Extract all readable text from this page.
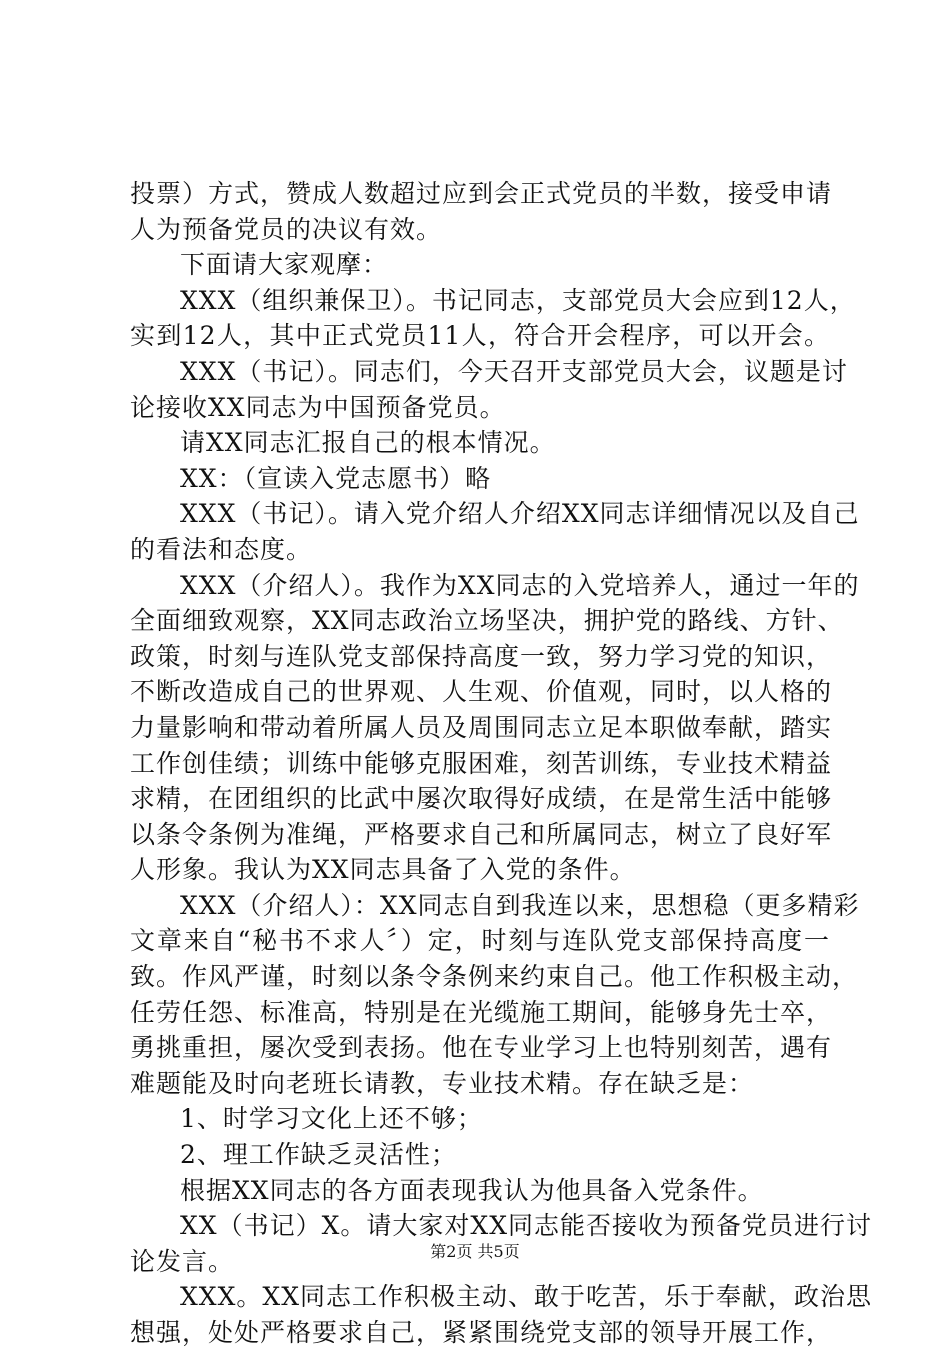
投票）方式，赞成人数超过应到会正式党员的半数，接受申请
人为预备党员的决议有效。
下面请大家观摩：
XXX（组织兼保卫）。书记同志，支部党员大会应到12人，
实到12人，其中正式党员11人，符合开会程序，可以开会。
XXX（书记）。同志们，今天召开支部党员大会，议题是讨
论接收XX同志为中国预备党员。
请XX同志汇报自己的根本情况。
XX：（宣读入党志愿书）略
XXX（书记）。请入党介绍人介绍XX同志详细情况以及自己
的看法和态度。
XXX（介绍人）。我作为XX同志的入党培养人，通过一年的
全面细致观察，XX同志政治立场坚决，拥护党的路线、方针、
政策，时刻与连队党支部保持高度一致，努力学习党的知识，
不断改造成自己的世界观、人生观、价值观，同时，以人格的
力量影响和带动着所属人员及周围同志立足本职做奉献，踏实
工作创佳绩；训练中能够克服困难，刻苦训练，专业技术精益
求精，在团组织的比武中屡次取得好成绩，在是常生活中能够
以条令条例为准绳，严格要求自己和所属同志，树立了良好军
人形象。我认为XX同志具备了入党的条件。
XXX（介绍人）：XX同志自到我连以来，思想稳（更多精彩
文章来自“秘书不求人〞）定，时刻与连队党支部保持高度一
致。作风严谨，时刻以条令条例来约束自己。他工作积极主动，
任劳任怨、标准高，特别是在光缆施工期间，能够身先士卒，
勇挑重担，屡次受到表扬。他在专业学习上也特别刻苦，遇有
难题能及时向老班长请教，专业技术精。存在缺乏是：
1、时学习文化上还不够；
2、理工作缺乏灵活性；
根据XX同志的各方面表现我认为他具备入党条件。
XX（书记）X。请大家对XX同志能否接收为预备党员进行讨
论发言。
XXX。XX同志工作积极主动、敢于吃苦，乐于奉献，政治思
想强，处处严格要求自己，紧紧围绕党支部的领导开展工作，
第2页 共5页
